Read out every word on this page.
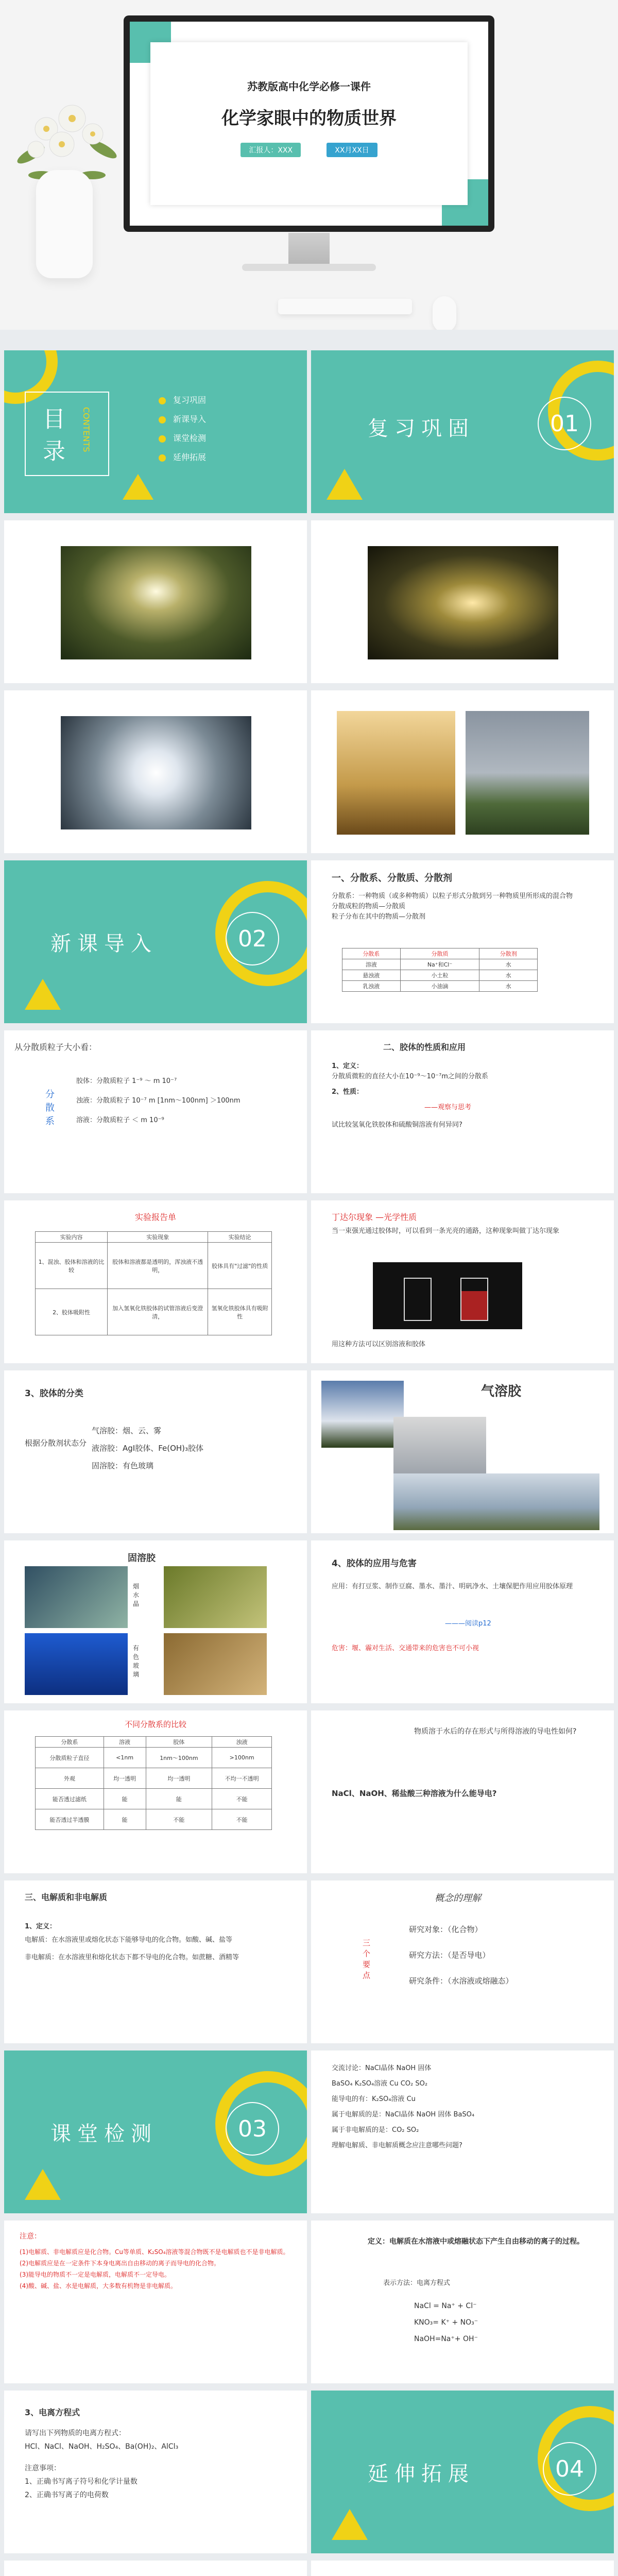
苏教版高中化学必修一课件
化学家眼中的物质世界
汇报人：XXX	XX月XX日
目录	CONTENTS
复习巩固
新课导入
课堂检测
延伸拓展
复习巩固	01
新课导入	02
一、分散系、分散质、分散剂
分散系：一种物质（或多种物质）以粒子形式分散到另一种物质里所形成的混合物
分散成粒的物质—分散质
粒子分布在其中的物质—分散剂
分散系	分散质	分散剂
溶液	Na⁺和Cl⁻	水
悬浊液	小土粒	水
乳浊液	小油滴	水
从分散质粒子大小看：
分散系
胶体：分散质粒子 1⁻⁹ ～ m 10⁻⁷
浊液：分散质粒子 10⁻⁷ m [1nm～100nm] ＞100nm
溶液：分散质粒子 ＜ m 10⁻⁹
二、胶体的性质和应用
1、定义：
分散质微粒的直径大小在10⁻⁹～10⁻⁷m之间的分散系
2、性质：
——观察与思考
试比较氢氧化铁胶体和硫酸铜溶液有何异同?
实验报告单
实验内容	实验现象	实验结论
1、混浊、胶体和溶液的比较	胶体和溶液都是透明的，浑浊液不透明，	胶体具有"过滤"的性质
2、胶体吸附性	加入氢氧化铁胶体的试管溶液后变澄清，	氢氧化铁胶体具有吸附性
丁达尔现象 —光学性质
当一束强光通过胶体时，可以看到一条光亮的通路，这种现象叫做丁达尔现象
用这种方法可以区别溶液和胶体
3、胶体的分类
根据分散剂状态分
气溶胶：烟、云、雾
液溶胶：AgI胶体、Fe(OH)₃胶体
固溶胶：有色玻璃
气溶胶
固溶胶
烟水晶
有色玻璃
4、胶体的应用与危害
应用：有打豆浆、制作豆腐、墨水、墨汁、明矾净水、土壤保肥作用应用胶体原理
———阅读p12
危害：堰、霾对生活、交通带来的危害也不可小视
不同分散系的比较
分散系	溶液	胶体	浊液
分散质粒子直径	<1nm	1nm～100nm	>100nm
外观	均一透明	均一透明	不均一不透明
能否透过滤纸	能	能	不能
能否透过半透膜	能	不能	不能
物质溶于水后的存在形式与所得溶液的导电性如何?
NaCl、NaOH、稀盐酸三种溶液为什么能导电?
三、电解质和非电解质
1、定义：
电解质：在水溶液里或熔化状态下能够导电的化合物。如酸、碱、盐等
非电解质：在水溶液里和熔化状态下都不导电的化合物。如蔗糖、酒精等
概念的理解
三个要点
研究对象：（化合物）
研究方法：（是否导电）
研究条件：（水溶液或熔融态）
课堂检测	03
交流讨论：NaCl晶体 NaOH 固体
BaSO₄ K₂SO₄溶液 Cu CO₂ SO₂
能导电的有：K₂SO₄溶液 Cu
属于电解质的是：NaCl晶体 NaOH 固体 BaSO₄
属于非电解质的是：CO₂ SO₂
理解电解质、非电解质概念应注意哪些问题?
注意：
(1)电解质、非电解质应是化合物。Cu等单质、K₂SO₄溶液等混合物既不是电解质也不是非电解质。
(2)电解质应是在一定条件下本身电离出自由移动的离子而导电的化合物。
(3)能导电的物质不一定是电解质，电解质不一定导电。
(4)酸、碱、盐、水是电解质，大多数有机物是非电解质。
定义：电解质在水溶液中或熔融状态下产生自由移动的离子的过程。
表示方法：电离方程式
NaCl = Na⁺ + Cl⁻
KNO₃= K⁺ + NO₃⁻
NaOH=Na⁺+ OH⁻
3、电离方程式
请写出下列物质的电离方程式：
HCl、NaCl、NaOH、H₂SO₄、Ba(OH)₂、AlCl₃
注意事项：
1、正确书写离子符号和化学计量数
2、正确书写离子的电荷数
延伸拓展	04
